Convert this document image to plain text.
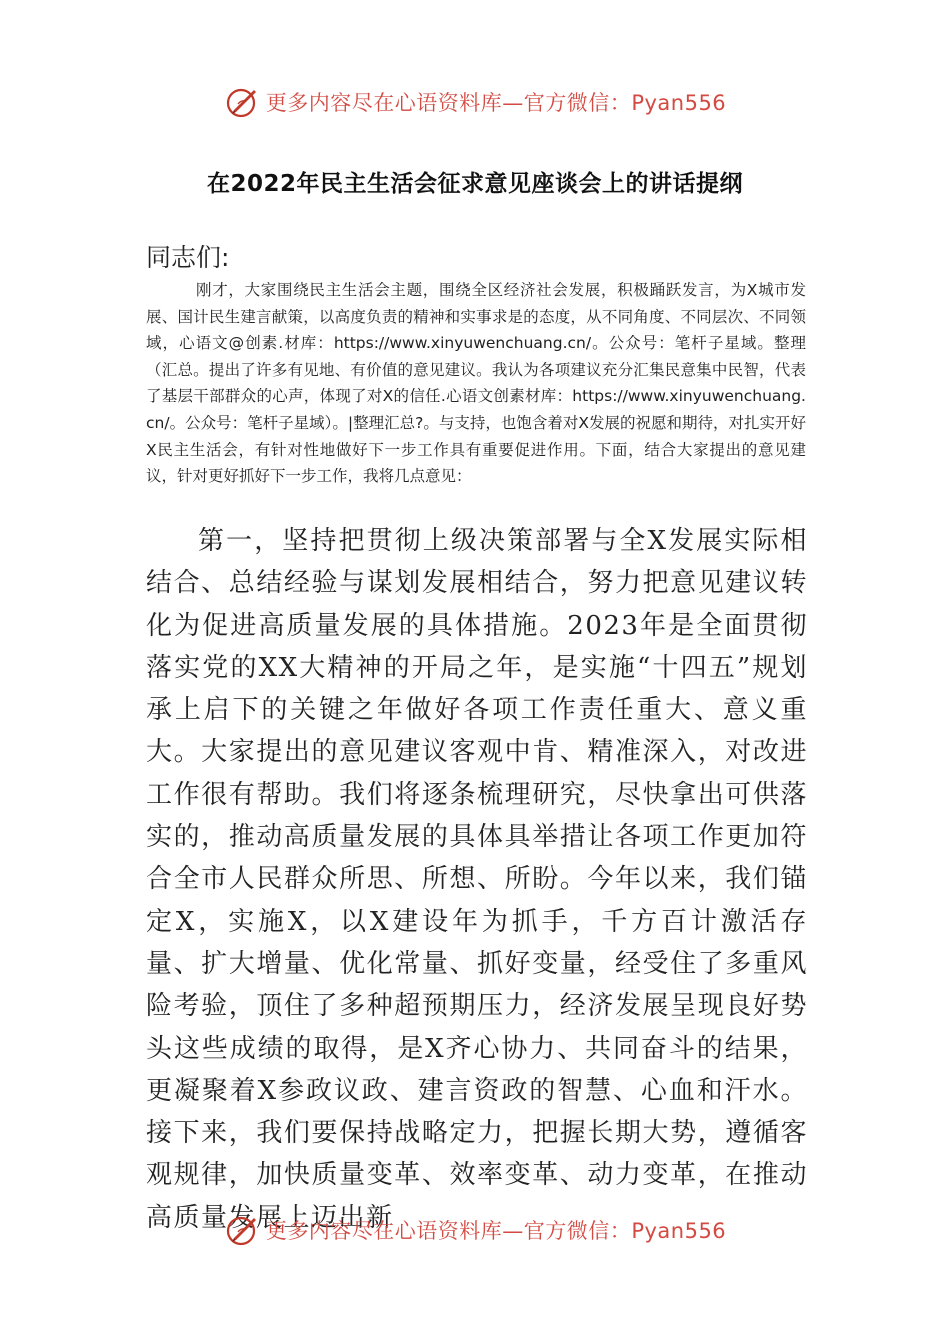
更多内容尽在心语资料库—官方微信：Pyan556
在2022年民主生活会征求意见座谈会上的讲话提纲
同志们:

刚才，大家围绕民主生活会主题，围绕全区经济社会发展，积极踊跃发言，为X城市发展、国计民生建言献策，以高度负责的精神和实事求是的态度，从不同角度、不同层次、不同领域，心语文@创素.材库：https://www.xinyuwenchuang.cn/。公众号：笔杆子星域。整理（汇总。提出了许多有见地、有价值的意见建议。我认为各项建议充分汇集民意集中民智，代表了基层干部群众的心声，体现了对X的信任.心语文创素材库：https://www.xinyuwenchuang.cn/。公众号：笔杆子星域）。|整理汇总?。与支持，也饱含着对X发展的祝愿和期待，对扎实开好X民主生活会，有针对性地做好下一步工作具有重要促进作用。下面，结合大家提出的意见建议，针对更好抓好下一步工作，我将几点意见：

第一，坚持把贯彻上级决策部署与全X发展实际相结合、总结经验与谋划发展相结合，努力把意见建议转化为促进高质量发展的具体措施。2023年是全面贯彻落实党的XX大精神的开局之年，是实施“十四五”规划承上启下的关键之年做好各项工作责任重大、意义重大。大家提出的意见建议客观中肯、精准深入，对改进工作很有帮助。我们将逐条梳理研究，尽快拿出可供落实的，推动高质量发展的具体具举措让各项工作更加符合全市人民群众所思、所想、所盼。今年以来，我们锚定X，实施X，以X建设年为抓手，千方百计激活存量、扩大增量、优化常量、抓好变量，经受住了多重风险考验，顶住了多种超预期压力，经济发展呈现良好势头这些成绩的取得，是X齐心协力、共同奋斗的结果，更凝聚着X参政议政、建言资政的智慧、心血和汗水。接下来，我们要保持战略定力，把握长期大势，遵循客观规律，加快质量变革、效率变革、动力变革，在推动高质量发展上迈出新

更多内容尽在心语资料库—官方微信：Pyan556
